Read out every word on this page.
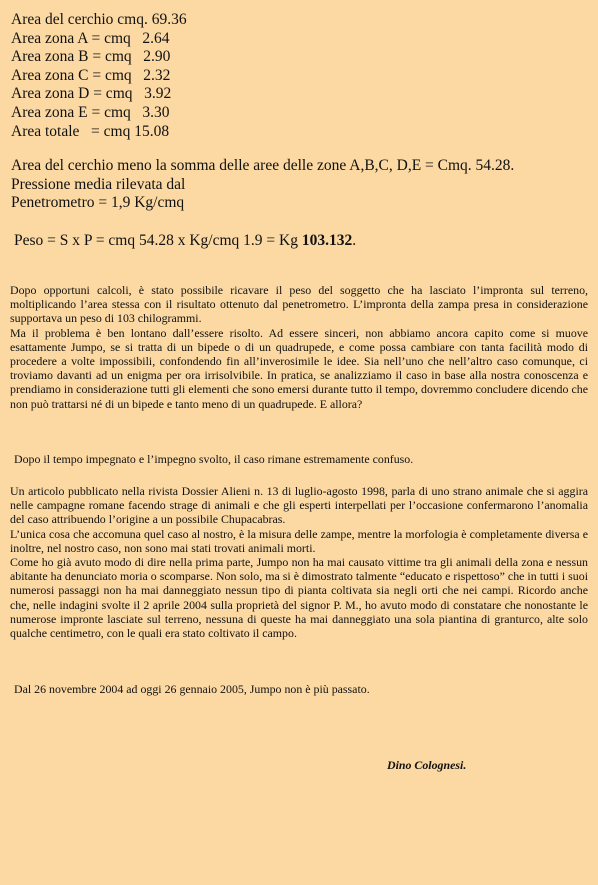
Area del cerchio cmq. 69.36
Area zona A = cmq   2.64
Area zona B = cmq   2.90
Area zona C = cmq   2.32
Area zona D = cmq   3.92
Area zona E = cmq   3.30
Area totale   = cmq 15.08
Area del cerchio meno la somma delle aree delle zone A,B,C, D,E = Cmq. 54.28.
Pressione media rilevata dal
Penetrometro = 1,9 Kg/cmq
Peso = S x P = cmq 54.28 x Kg/cmq 1.9 = Kg 103.132.

Dopo opportuni calcoli, è stato possibile ricavare il peso del soggetto che ha lasciato l’impronta sul terreno, moltiplicando l’area stessa con il risultato ottenuto dal penetrometro. L’impronta della zampa presa in considerazione supportava un peso di 103 chilogrammi.

Ma il problema è ben lontano dall’essere risolto. Ad essere sinceri, non abbiamo ancora capito come si muove esattamente Jumpo, se si tratta di un bipede o di un quadrupede, e come possa cambiare con tanta facilità modo di procedere a volte impossibili, confondendo fin all’inverosimile le idee. Sia nell’uno che nell’altro caso comunque, ci troviamo davanti ad un enigma per ora irrisolvibile. In pratica, se analizziamo il caso in base alla nostra conoscenza e prendiamo in considerazione tutti gli elementi che sono emersi durante tutto il tempo, dovremmo concludere dicendo che non può trattarsi né di un bipede e tanto meno di un quadrupede. E allora?

Dopo il tempo impegnato e l’impegno svolto, il caso rimane estremamente confuso.

Un articolo pubblicato nella rivista Dossier Alieni n. 13 di luglio-agosto 1998, parla di uno strano animale che si aggira nelle campagne romane facendo strage di animali e che gli esperti interpellati per l’occasione confermarono l’anomalia del caso attribuendo l’origine a un possibile Chupacabras.

L’unica cosa che accomuna quel caso al nostro, è la misura delle zampe, mentre la morfologia è completamente diversa e inoltre, nel nostro caso, non sono mai stati trovati animali morti.

Come ho già avuto modo di dire nella prima parte, Jumpo non ha mai causato vittime tra gli animali della zona e nessun abitante ha denunciato moria o scomparse. Non solo, ma si è dimostrato talmente “educato e rispettoso” che in tutti i suoi numerosi passaggi non ha mai danneggiato nessun tipo di pianta coltivata sia negli orti che nei campi. Ricordo anche che, nelle indagini svolte il 2 aprile 2004 sulla proprietà del signor P. M., ho avuto modo di constatare che nonostante le numerose impronte lasciate sul terreno, nessuna di queste ha mai danneggiato una sola piantina di granturco, alte solo qualche centimetro, con le quali era stato coltivato il campo.

Dal 26 novembre 2004 ad oggi 26 gennaio 2005, Jumpo non è più passato.
Dino Colognesi.
